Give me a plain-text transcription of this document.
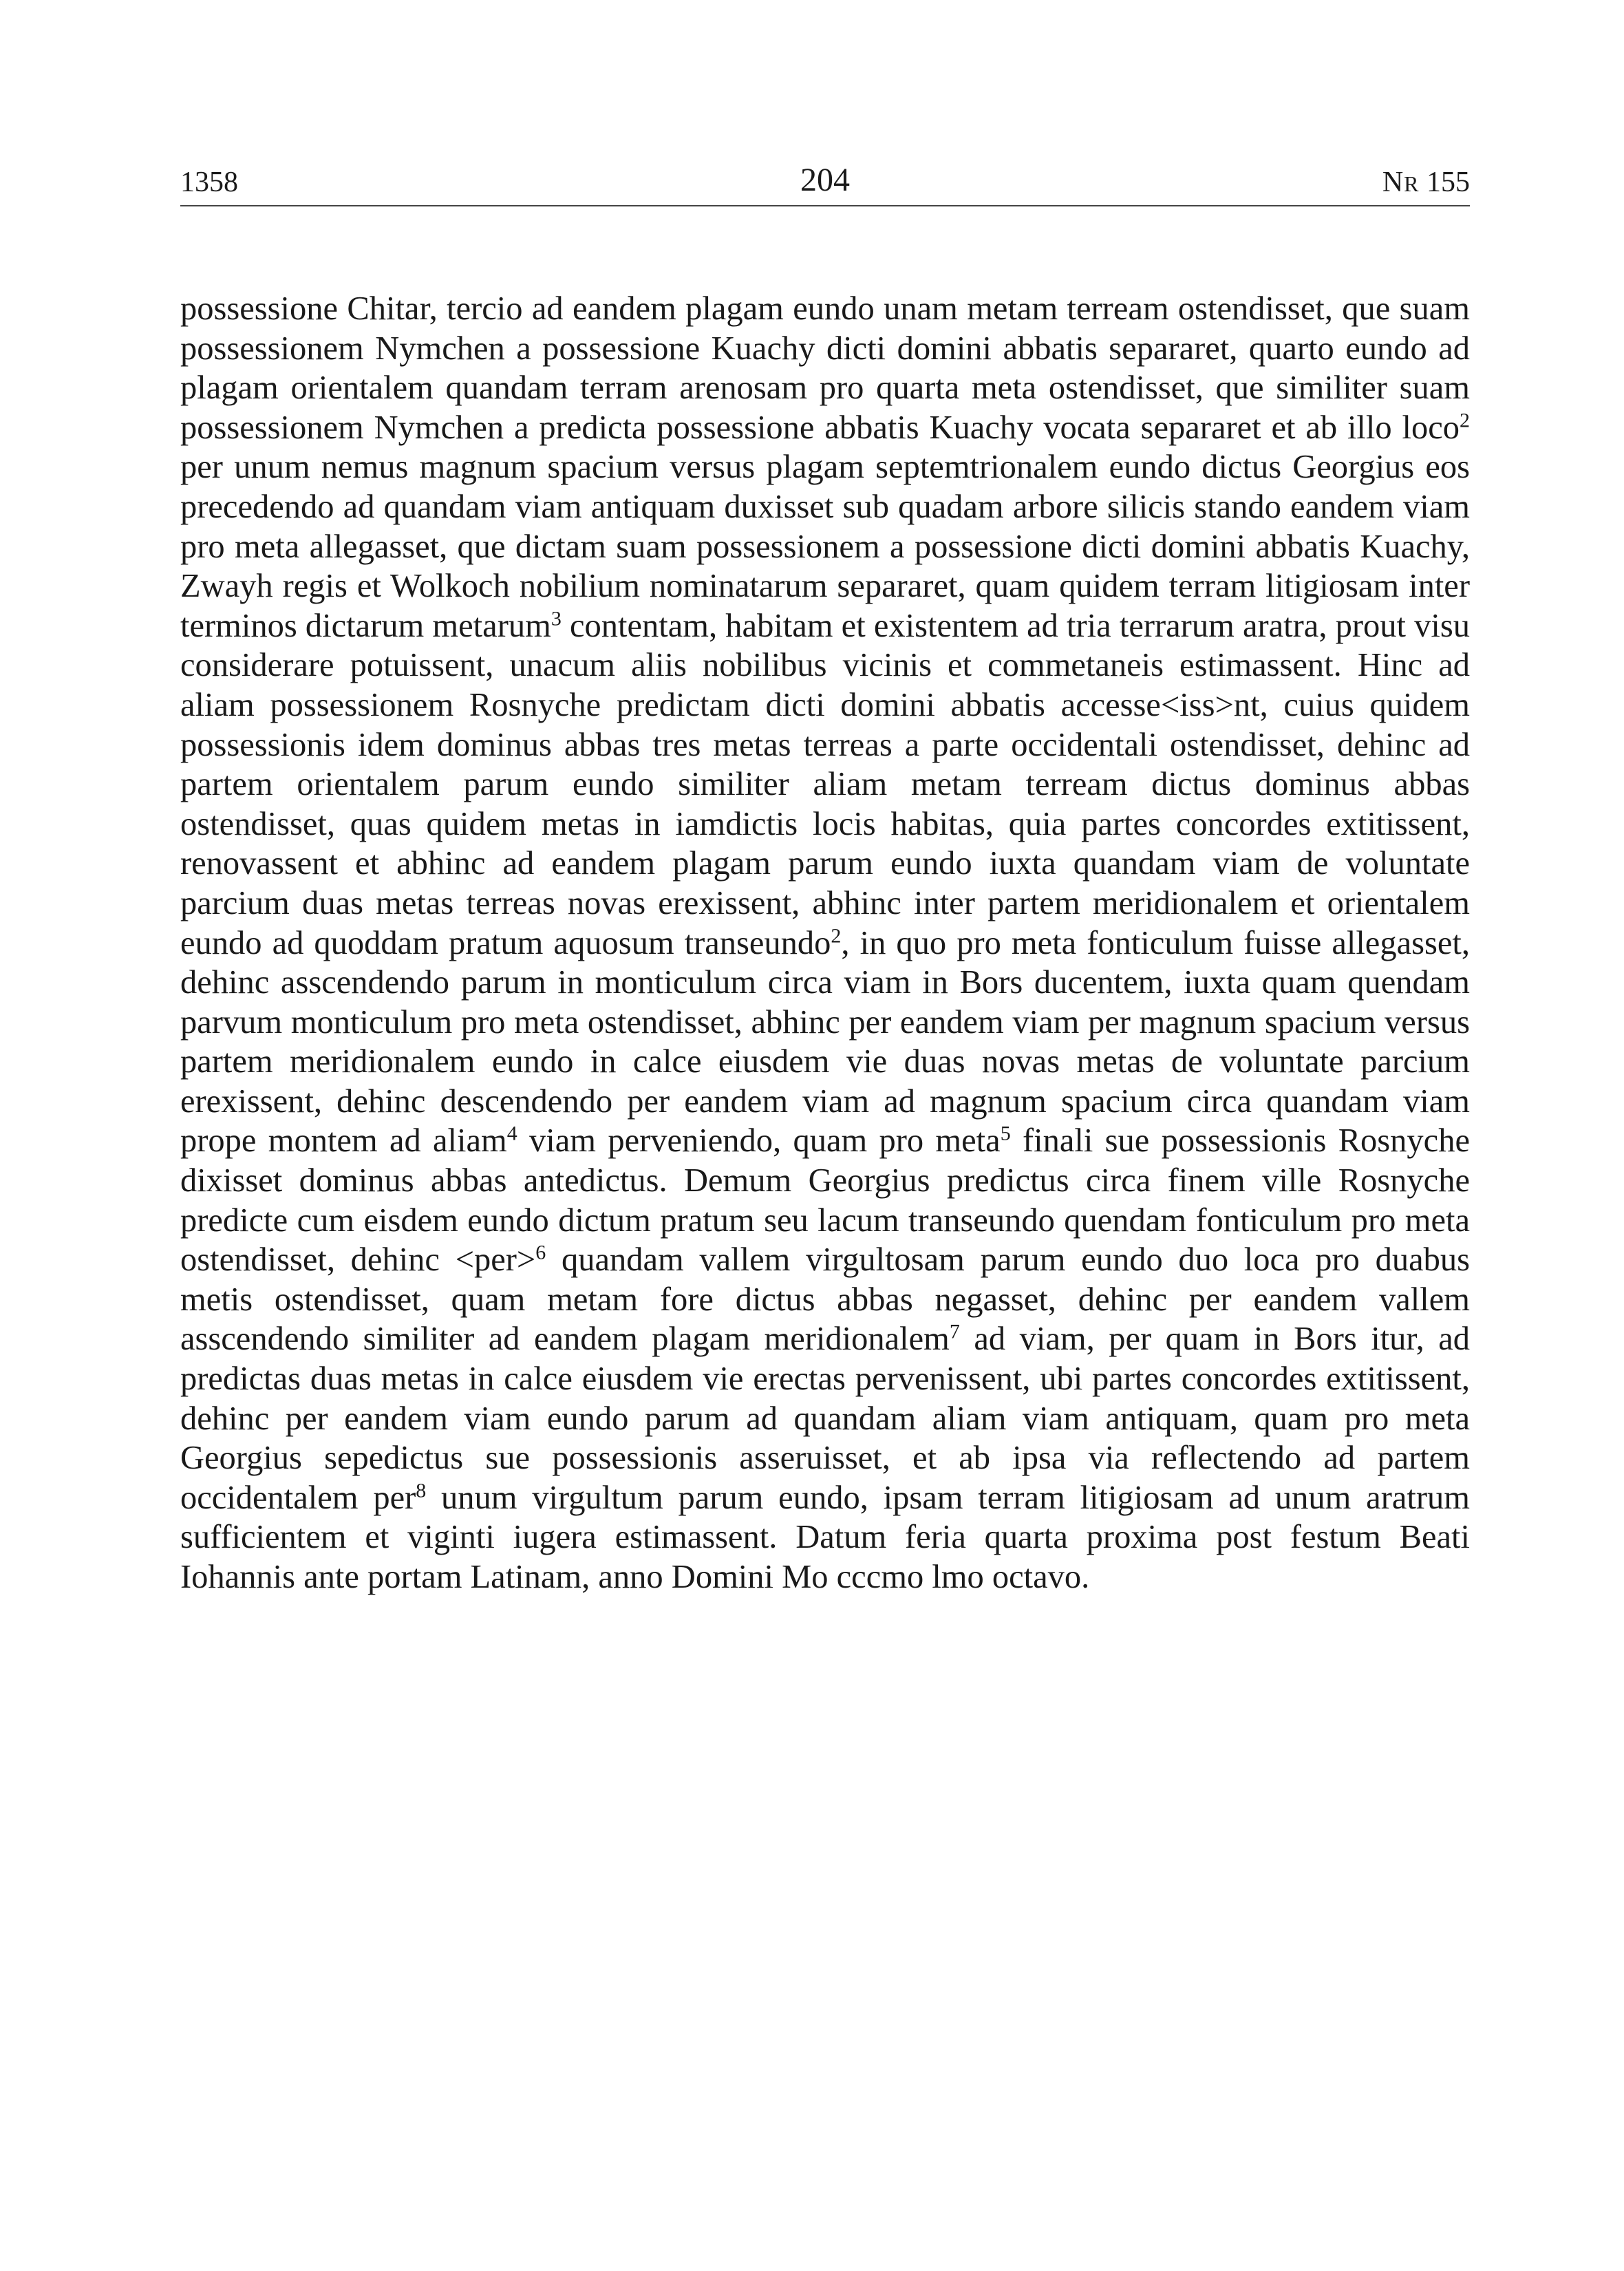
1358	204	NR 155
possessione Chitar, tercio ad eandem plagam eundo unam metam terream ostendisset, que suam possessionem Nymchen a possessione Kuachy dicti domini abbatis separaret, quarto eundo ad plagam orientalem quandam terram arenosam pro quarta meta ostendisset, que similiter suam possessionem Nymchen a predicta possessione abbatis Kuachy vocata separaret et ab illo loco$^2$ per unum nemus magnum spacium versus plagam septemtrionalem eundo dictus Georgius eos precedendo ad quandam viam antiquam duxisset sub quadam arbore silicis stando eandem viam pro meta allegasset, que dictam suam possessionem a possessione dicti domini abbatis Kuachy, Zwayh regis et Wolkoch nobilium nominatarum separaret, quam quidem terram litigiosam inter terminos dictarum metarum$^3$ contentam, habitam et existentem ad tria terrarum aratra, prout visu considerare potuissent, unacum aliis nobilibus vicinis et commetaneis estimassent. Hinc ad aliam possessionem Rosnyche predictam dicti domini abbatis accesse<iss>nt, cuius quidem possessionis idem dominus abbas tres metas terreas a parte occidentali ostendisset, dehinc ad partem orientalem parum eundo similiter aliam metam terream dictus dominus abbas ostendisset, quas quidem metas in iamdictis locis habitas, quia partes concordes extitissent, renovassent et abhinc ad eandem plagam parum eundo iuxta quandam viam de voluntate parcium duas metas terreas novas erexissent, abhinc inter partem meridionalem et orientalem eundo ad quoddam pratum aquosum transeundo$^2$, in quo pro meta fonticulum fuisse allegasset, dehinc asscendendo parum in monticulum circa viam in Bors ducentem, iuxta quam quendam parvum monticulum pro meta ostendisset, abhinc per eandem viam per magnum spacium versus partem meridionalem eundo in calce eiusdem vie duas novas metas de voluntate parcium erexissent, dehinc descendendo per eandem viam ad magnum spacium circa quandam viam prope montem ad aliam$^4$ viam perveniendo, quam pro meta$^5$ finali sue possessionis Rosnyche dixisset dominus abbas antedictus. Demum Georgius predictus circa finem ville Rosnyche predicte cum eisdem eundo dictum pratum seu lacum transeundo quendam fonticulum pro meta ostendisset, dehinc <per>$^6$ quandam vallem virgultosam parum eundo duo loca pro duabus metis ostendisset, quam metam fore dictus abbas negasset, dehinc per eandem vallem asscendendo similiter ad eandem plagam meridionalem$^7$ ad viam, per quam in Bors itur, ad predictas duas metas in calce eiusdem vie erectas pervenissent, ubi partes concordes extitissent, dehinc per eandem viam eundo parum ad quandam aliam viam antiquam, quam pro meta Georgius sepedictus sue possessionis asseruisset, et ab ipsa via reflectendo ad partem occidentalem per$^8$ unum virgultum parum eundo, ipsam terram litigiosam ad unum aratrum sufficientem et viginti iugera estimassent. Datum feria quarta proxima post festum Beati Iohannis ante portam Latinam, anno Domini Mo cccmo lmo octavo.
